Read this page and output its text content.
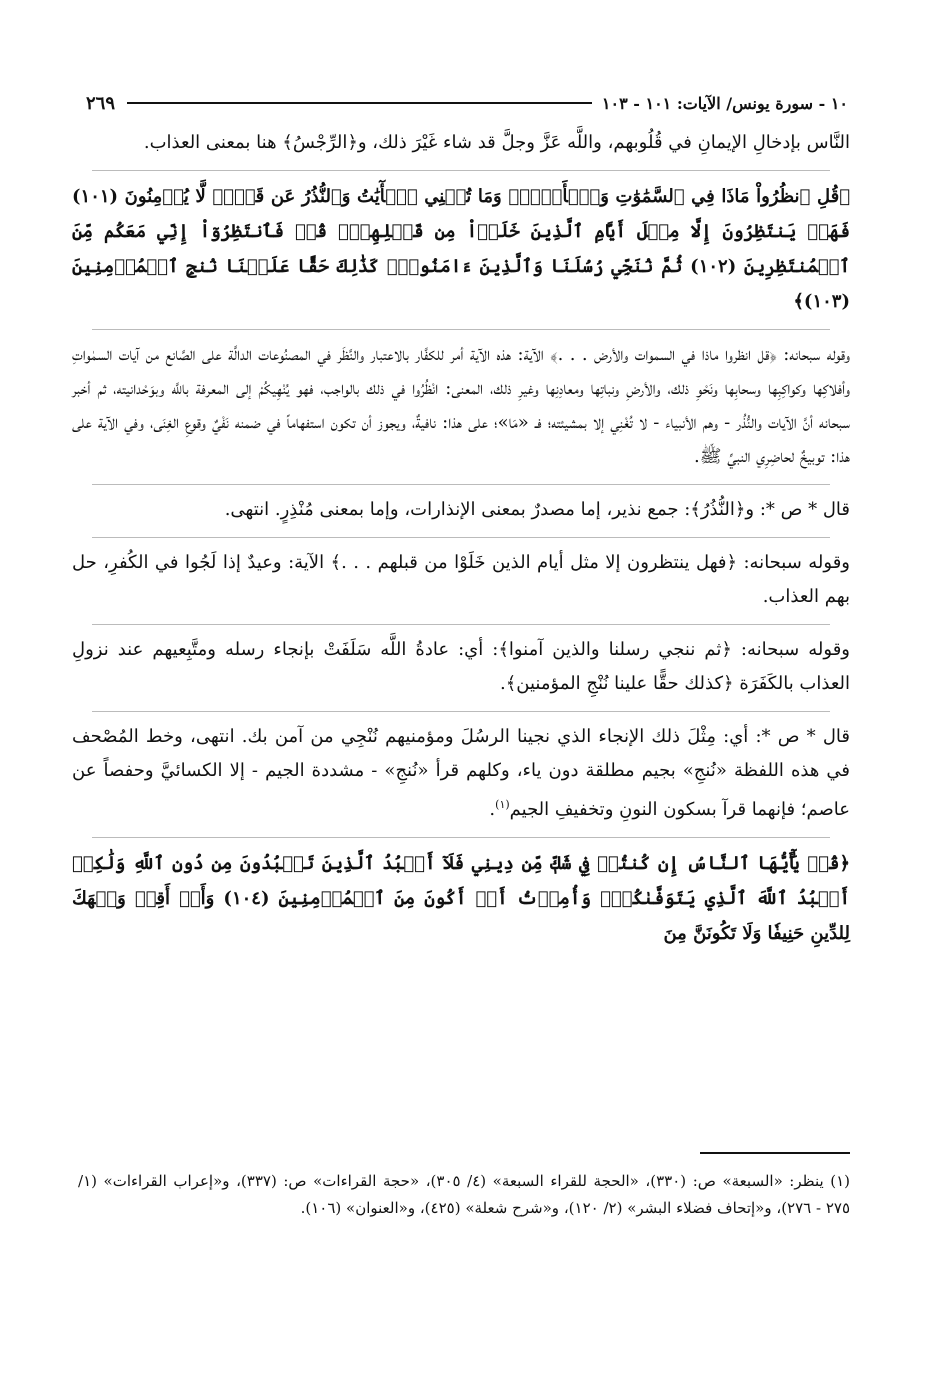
٢٦٩	١٠ - سورة يونس/ الآيات: ١٠١ - ١٠٣

النَّاس بإدخالِ الإيمانِ في قُلُوبهم، واللَّه عَزَّ وجلَّ قد شاء غَيْرَ ذلك، و﴿الرِّجْسُ﴾ هنا بمعنى العذاب.

﴿قُلِ ٱنظُرُواْ مَاذَا فِي ٱلسَّمَٰوَٰتِ وَٱلۡأَرۡضِۚ وَمَا تُغۡنِي ٱلۡأٓيَٰتُ وَٱلنُّذُرُ عَن قَوۡمٖ لَّا يُؤۡمِنُونَ (١٠١) فَهَلۡ يَنتَظِرُونَ إِلَّا مِثۡلَ أَيَّامِ ٱلَّذِينَ خَلَوۡاْ مِن قَبۡلِهِمۡۚ قُلۡ فَٱنتَظِرُوٓاْ إِنِّي مَعَكُم مِّنَ ٱلۡمُنتَظِرِينَ (١٠٢) ثُمَّ نُنَجِّي رُسُلَنَا وَٱلَّذِينَ ءَامَنُواْۚ كَذَٰلِكَ حَقًّا عَلَيۡنَا نُنجِ ٱلۡمُؤۡمِنِينَ (١٠٣)﴾

وقوله سبحانه: ﴿قل انظروا ماذا في السموات والأرض . . .﴾ الآية: هذه الآية أمر للكفَّار بالاعتبار والنَّظَر في المصنُوعات الدالَّة على الصَّانع من آيات السمٰواتِ وأفلاكِها وكواكِبِها وسحابِها ونَحْوِ ذلك، والأرضِ ونباتِها ومعادِنِها وغيرِ ذلك، المعنى: انْظُرُوا في ذلك بالواجب، فهو يُنْهِيكُمْ إلى المعرفة باللَّه وبوَحْدانيته، ثم أخبر سبحانه أنَّ الآيات والنُّذُر - وهم الأنبياء - لا تُغْنِي إلا بمشيئته؛ فـ «مَا»؛ على هذا: نافيةٌ، ويجوز أن تكون استفهاماً في ضمنه نَفْيٌ وقوعِ الغِنَى، وفي الآية على هذا: توبيخٌ لحاضِرِي النبيِّ ﷺ.

قال * ص *: و﴿النُّذُرُ﴾: جمع نذير، إما مصدرٌ بمعنى الإنذارات، وإما بمعنى مُنْذِرٍ. انتهى.

وقوله سبحانه: ﴿فهل ينتظرون إلا مثل أيام الذين خَلَوْا من قبلهم . . .﴾ الآية: وعيدٌ إذا لَجُوا في الكُفرِ، حل بهم العذاب.

وقوله سبحانه: ﴿ثم ننجي رسلنا والذين آمنوا﴾: أي: عادةُ اللَّه سَلَفَتْ بإنجاء رسله ومتَّبِعيهم عند نزولِ العذاب بالكَفَرَة ﴿كذلك حقًّا علينا نُنْجِ المؤمنين﴾.

قال * ص *: أي: مِثْلَ ذلك الإنجاء الذي نجينا الرسُلَ ومؤمنيهم نُنْجِي من آمن بك. انتهى، وخط المُصْحف في هذه اللفظة «نُنجِ» بجيم مطلقة دون ياء، وكلهم قرأ «نُنجِ» - مشددة الجيم - إلا الكسائيَّ وحفصاً عن عاصم؛ فإنهما قرآ بسكون النونِ وتخفيفِ الجيم$^{(١)}$.

﴿قُلۡ يَٰٓأَيُّهَا ٱلنَّاسُ إِن كُنتُمۡ فِي شَكّٖ مِّن دِينِي فَلَآ أَعۡبُدُ ٱلَّذِينَ تَعۡبُدُونَ مِن دُونِ ٱللَّهِ وَلَٰكِنۡ أَعۡبُدُ ٱللَّهَ ٱلَّذِي يَتَوَفَّىٰكُمۡۖ وَأُمِرۡتُ أَنۡ أَكُونَ مِنَ ٱلۡمُؤۡمِنِينَ (١٠٤) وَأَنۡ أَقِمۡ وَجۡهَكَ لِلدِّينِ حَنِيفٗا وَلَا تَكُونَنَّ مِنَ

(١) ينظر: «السبعة» ص: (٣٣٠)، «الحجة للقراء السبعة» (٤/ ٣٠٥)، «حجة القراءات» ص: (٣٣٧)، و«إعراب القراءات» (١/ ٢٧٥ - ٢٧٦)، و«إتحاف فضلاء البشر» (٢/ ١٢٠)، و«شرح شعلة» (٤٢٥)، و«العنوان» (١٠٦).
